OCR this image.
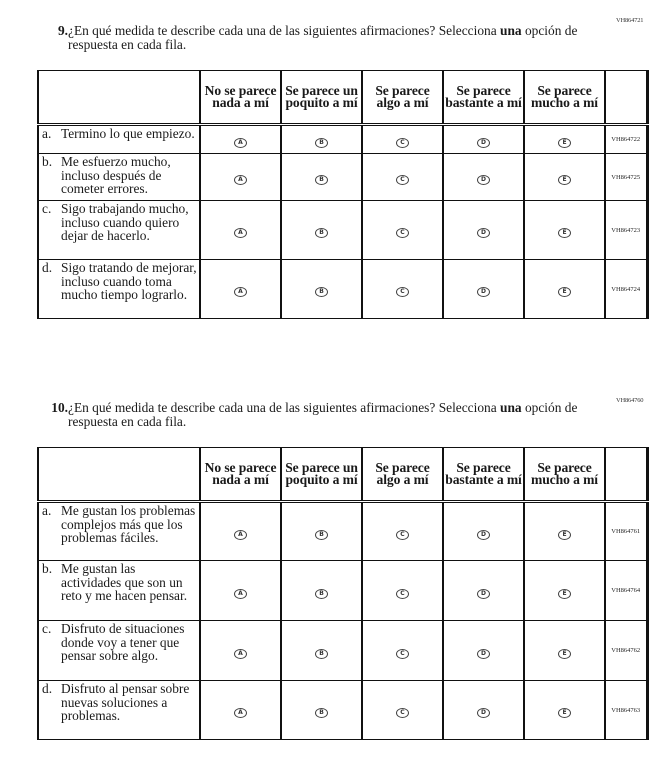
VH864721
9. ¿En qué medida te describe cada una de las siguientes afirmaciones? Selecciona una opción de respuesta en cada fila.
	No se parece nada a mí	Se parece un poquito a mí	Se parece algo a mí	Se parece bastante a mí	Se parece mucho a mí	

a. Termino lo que empiezo.	A	B	C	D	E	VH864722

b. Me esfuerzo mucho, incluso después de cometer errores.	A	B	C	D	E	VH864725

c. Sigo trabajando mucho, incluso cuando quiero dejar de hacerlo.	A	B	C	D	E	VH864723

d. Sigo tratando de mejorar, incluso cuando toma mucho tiempo lograrlo.	A	B	C	D	E	VH864724
VH864760
10. ¿En qué medida te describe cada una de las siguientes afirmaciones? Selecciona una opción de respuesta en cada fila.
	No se parece nada a mí	Se parece un poquito a mí	Se parece algo a mí	Se parece bastante a mí	Se parece mucho a mí	

a. Me gustan los problemas complejos más que los problemas fáciles.	A	B	C	D	E	VH864761

b. Me gustan las actividades que son un reto y me hacen pensar.	A	B	C	D	E	VH864764

c. Disfruto de situaciones donde voy a tener que pensar sobre algo.	A	B	C	D	E	VH864762

d. Disfruto al pensar sobre nuevas soluciones a problemas.	A	B	C	D	E	VH864763
